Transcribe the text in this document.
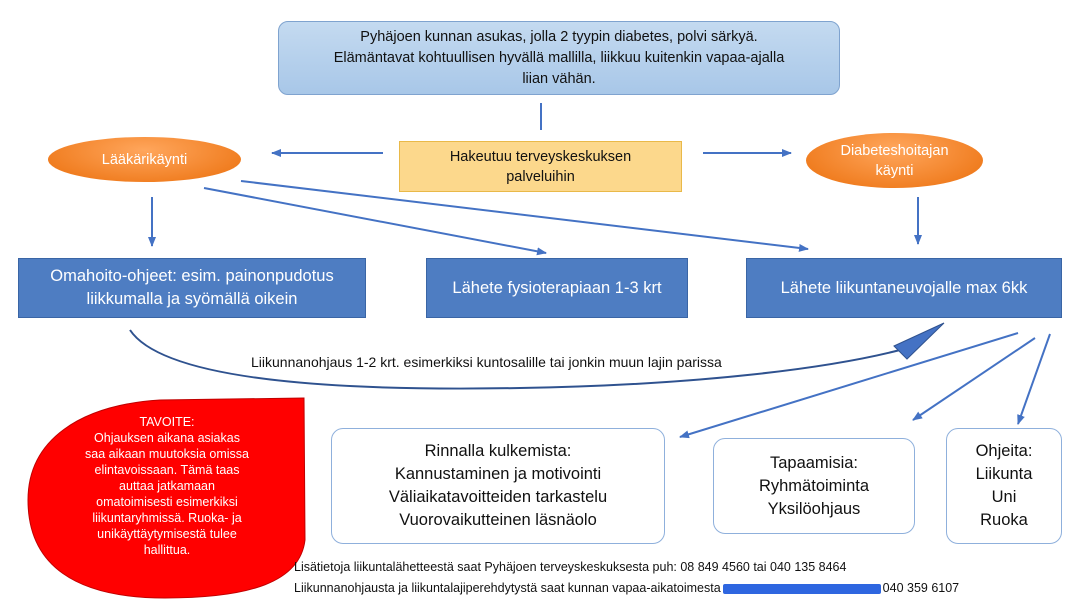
Pyhäjoen kunnan asukas, jolla 2 tyypin diabetes, polvi särkyä.
Elämäntavat kohtuullisen hyvällä mallilla, liikkuu kuitenkin vapaa-ajalla
liian vähän.
Hakeutuu terveyskeskuksen
palveluihin
Lääkärikäynti
Diabeteshoitajan
käynti
Omahoito-ohjeet: esim. painonpudotus
liikkumalla ja syömällä oikein
Lähete fysioterapiaan 1-3 krt	Lähete liikuntaneuvojalle max 6kk
Liikunnanohjaus 1-2 krt. esimerkiksi kuntosalille tai jonkin muun lajin parissa
TAVOITE:
Ohjauksen aikana asiakas
saa aikaan muutoksia omissa
elintavoissaan. Tämä taas
auttaa jatkamaan
omatoimisesti esimerkiksi
liikuntaryhmissä. Ruoka- ja
unikäyttäytymisestä tulee
hallittua.
Rinnalla kulkemista:
Kannustaminen ja motivointi
Väliaikatavoitteiden tarkastelu
Vuorovaikutteinen läsnäolo
Tapaamisia:
Ryhmätoiminta
Yksilöohjaus
Ohjeita:
Liikunta
Uni
Ruoka
Lisätietoja liikuntalähetteestä saat Pyhäjoen terveyskeskuksesta puh: 08 849 4560 tai 040 135 8464
Liikunnanohjausta ja liikuntalajiperehdytystä saat kunnan vapaa-aikatoimesta	040 359 6107
